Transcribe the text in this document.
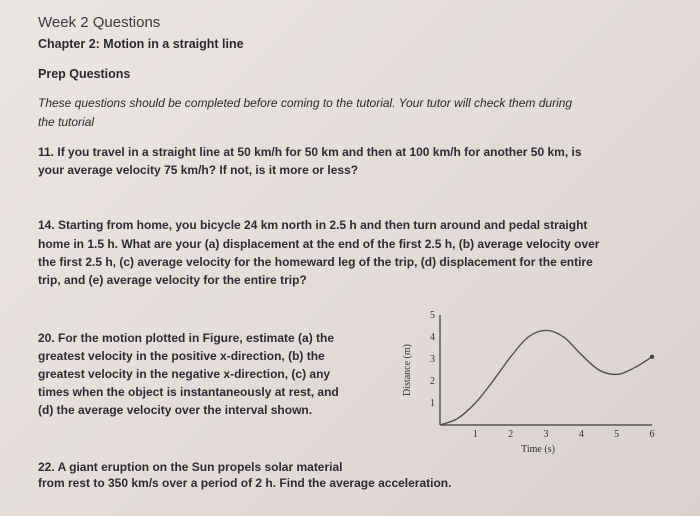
Week 2 Questions
Chapter 2: Motion in a straight line
Prep Questions

These questions should be completed before coming to the tutorial. Your tutor will check them during

the tutorial

11. If you travel in a straight line at 50 km/h for 50 km and then at 100 km/h for another 50 km, is

your average velocity 75 km/h? If not, is it more or less?

14. Starting from home, you bicycle 24 km north in 2.5 h and then turn around and pedal straight

home in 1.5 h. What are your (a) displacement at the end of the first 2.5 h, (b) average velocity over

the first 2.5 h, (c) average velocity for the homeward leg of the trip, (d) displacement for the entire

trip, and (e) average velocity for the entire trip?

20. For the motion plotted in Figure, estimate (a) the

greatest velocity in the positive x-direction, (b) the

greatest velocity in the negative x-direction, (c) any

times when the object is instantaneously at rest, and

(d) the average velocity over the interval shown.

22. A giant eruption on the Sun propels solar material

from rest to 350 km/s over a period of 2 h. Find the average acceleration.

1
2
3
4
5
1	2	3	4	5	6
Distance (m)
Time (s)
